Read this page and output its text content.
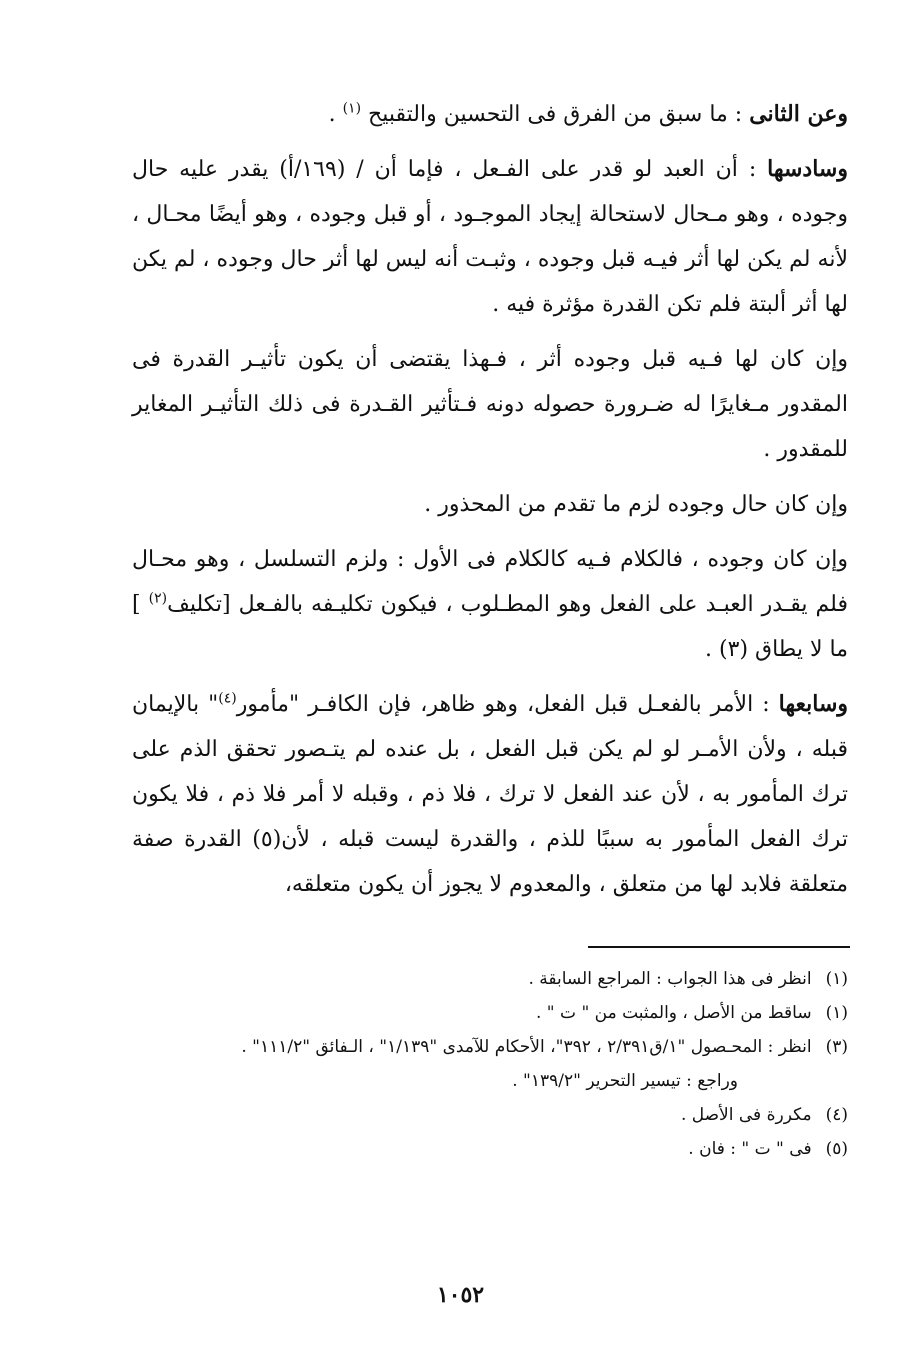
وعن الثانى : ما سبق من الفرق فى التحسين والتقبيح $^{(١)}$ .

وسادسها : أن العبد لو قدر على الفـعل ، فإما أن / (١٦٩/أ) يقدر عليه حال وجوده ، وهو مـحال لاستحالة إيجاد الموجـود ، أو قبل وجوده ، وهو أيضًا محـال ، لأنه لم يكن لها أثر فيـه قبل وجوده ، وثبـت أنه ليس لها أثر حال وجوده ، لم يكن لها أثر ألبتة فلم تكن القدرة مؤثرة فيه .

وإن كان لها فـيه قبل وجوده أثر ، فـهذا يقتضى أن يكون تأثيـر القدرة فى المقدور مـغايرًا له ضـرورة حصوله دونه فـتأثير القـدرة فى ذلك التأثيـر المغاير للمقدور .

وإن كان حال وجوده لزم ما تقدم من المحذور .

وإن كان وجوده ، فالكلام فـيه كالكلام فى الأول : ولزم التسلسل ، وهو محـال فلم يقـدر العبـد على الفعل وهو المطـلوب ، فيكون تكليـفه بالفـعل [تكليف$^{(٢)}$ ] ما لا يطاق (٣) .

وسابعها : الأمر بالفعـل قبل الفعل، وهو ظاهر، فإن الكافـر "مأمور$^{(٤)}$" بالإيمان قبله ، ولأن الأمـر لو لم يكن قبل الفعل ، بل عنده لم يتـصور تحقق الذم على ترك المأمور به ، لأن عند الفعل لا ترك ، فلا ذم ، وقبله لا أمر فلا ذم ، فلا يكون ترك الفعل المأمور به سببًا للذم ، والقدرة ليست قبله ، لأن(٥) القدرة صفة متعلقة فلابد لها من متعلق ، والمعدوم لا يجوز أن يكون متعلقه،

(١)
انظر فى هذا الجواب : المراجع السابقة .
(١)
ساقط من الأصل ، والمثبت من " ت " .
(٣)
انظر : المحـصول "١/ق٢/٣٩١ ، ٣٩٢"، الأحكام للآمدى "١/١٣٩" ، الـفائق "١١١/٢" .

وراجع : تيسير التحرير "١٣٩/٢" .

(٤)
مكررة فى الأصل .
(٥)
فى " ت " : فان .
١٠٥٢
